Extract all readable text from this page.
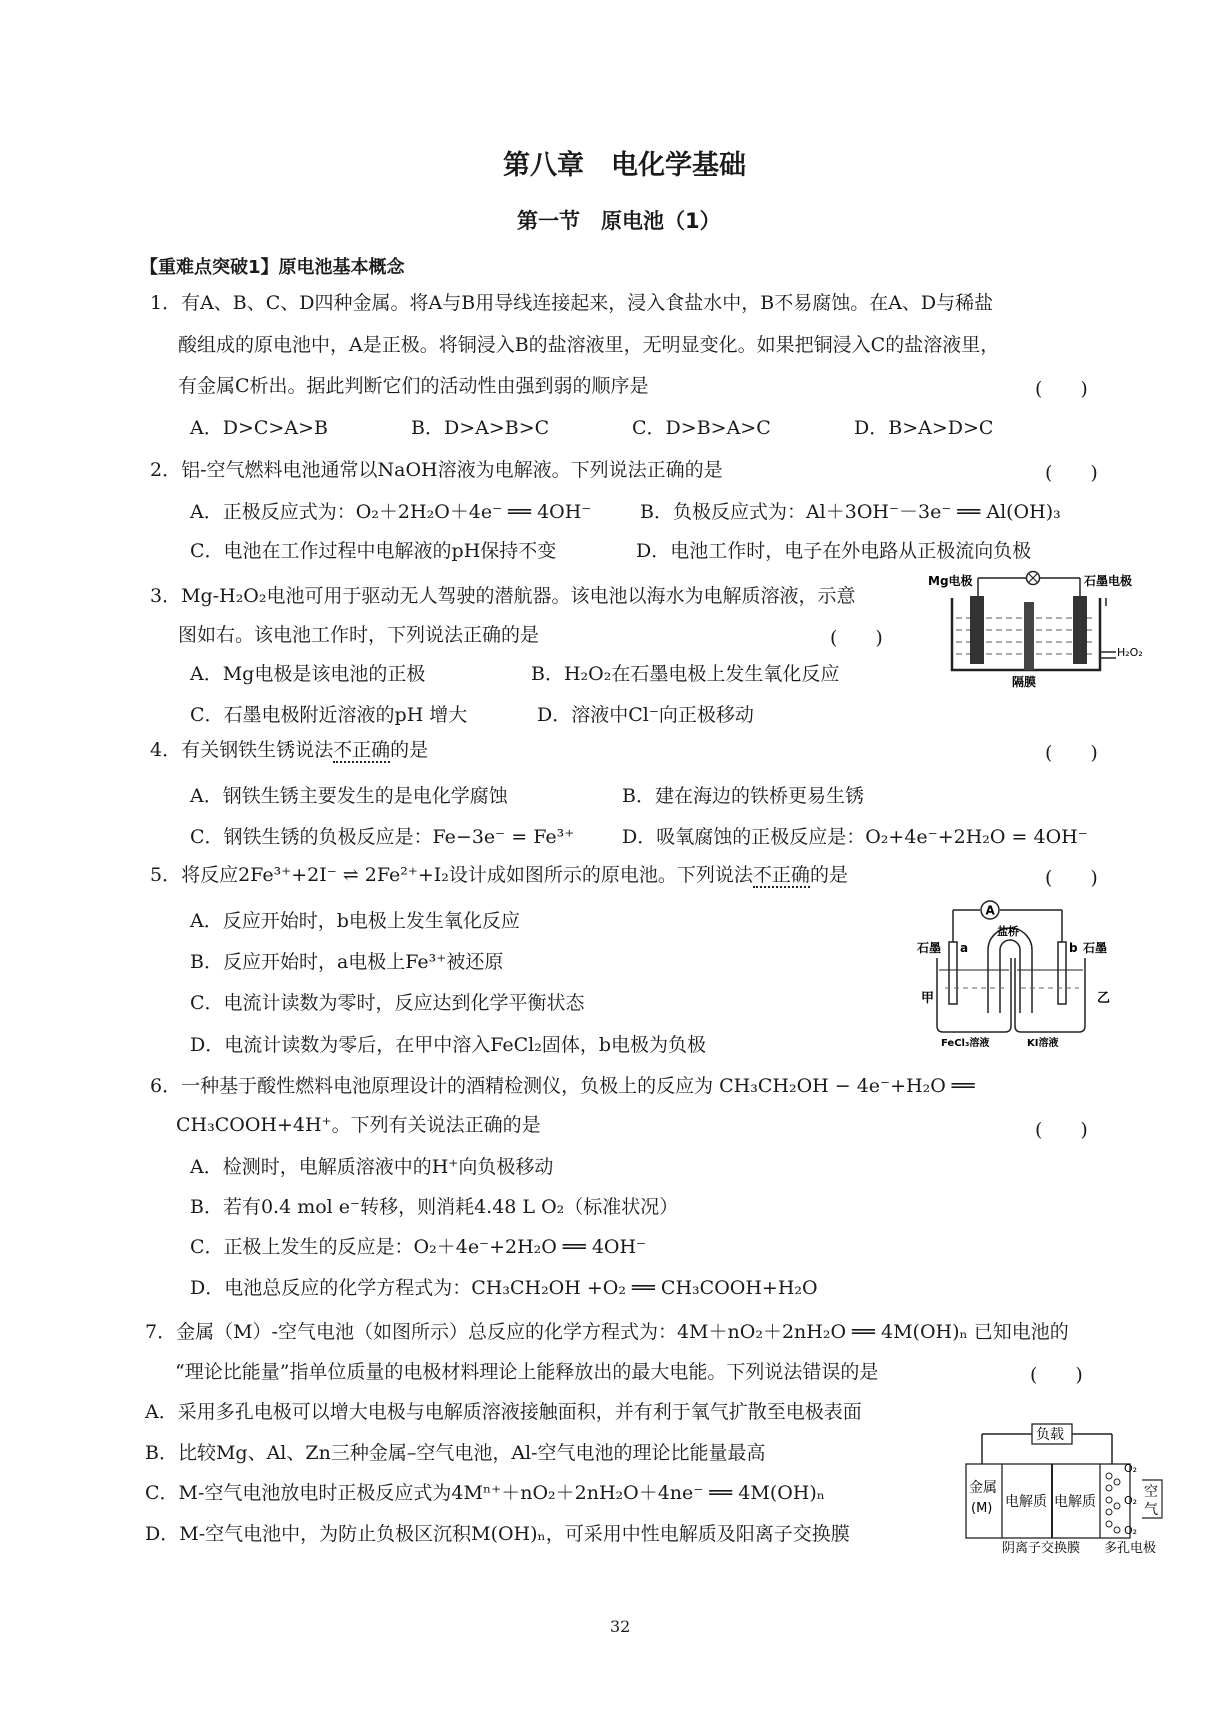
第八章　电化学基础
第一节　原电池（1）
【重难点突破1】原电池基本概念
1．有A、B、C、D四种金属。将A与B用导线连接起来，浸入食盐水中，B不易腐蚀。在A、D与稀盐
酸组成的原电池中，A是正极。将铜浸入B的盐溶液里，无明显变化。如果把铜浸入C的盐溶液里，
有金属C析出。据此判断它们的活动性由强到弱的顺序是	(　　)
A．D>C>A>B	B．D>A>B>C	C．D>B>A>C	D．B>A>D>C
2．铝-空气燃料电池通常以NaOH溶液为电解液。下列说法正确的是	(　　)
A．正极反应式为：O₂＋2H₂O＋4e⁻ ══ 4OH⁻	B．负极反应式为：Al＋3OH⁻－3e⁻ ══ Al(OH)₃
C．电池在工作过程中电解液的pH保持不变	D．电池工作时，电子在外电路从正极流向负极
3．Mg-H₂O₂电池可用于驱动无人驾驶的潜航器。该电池以海水为电解质溶液，示意
图如右。该电池工作时，下列说法正确的是	(　　)
A．Mg电极是该电池的正极	B．H₂O₂在石墨电极上发生氧化反应
C．石墨电极附近溶液的pH 增大	D．溶液中Cl⁻向正极移动
Mg电极	石墨电极
H₂O₂
隔膜
4．有关钢铁生锈说法不正确的是	(　　)
A．钢铁生锈主要发生的是电化学腐蚀	B．建在海边的铁桥更易生锈
C．钢铁生锈的负极反应是：Fe−3e⁻ = Fe³⁺	D．吸氧腐蚀的正极反应是：O₂+4e⁻+2H₂O = 4OH⁻
5．将反应2Fe³⁺+2I⁻ ⇌ 2Fe²⁺+I₂设计成如图所示的原电池。下列说法不正确的是	(　　)
A．反应开始时，b电极上发生氧化反应
B．反应开始时，a电极上Fe³⁺被还原
C．电流计读数为零时，反应达到化学平衡状态
D．电流计读数为零后，在甲中溶入FeCl₂固体，b电极为负极
A
石墨 a	b 石墨
盐桥
甲	乙
FeCl₃溶液	KI溶液
6．一种基于酸性燃料电池原理设计的酒精检测仪，负极上的反应为 CH₃CH₂OH − 4e⁻+H₂O ══
CH₃COOH+4H⁺。下列有关说法正确的是	(　　)
A．检测时，电解质溶液中的H⁺向负极移动
B．若有0.4 mol e⁻转移，则消耗4.48 L O₂（标准状况）
C．正极上发生的反应是：O₂＋4e⁻+2H₂O ══ 4OH⁻
D．电池总反应的化学方程式为：CH₃CH₂OH +O₂ ══ CH₃COOH+H₂O
7．金属（M）-空气电池（如图所示）总反应的化学方程式为：4M＋nO₂＋2nH₂O ══ 4M(OH)ₙ 已知电池的
“理论比能量”指单位质量的电极材料理论上能释放出的最大电能。下列说法错误的是	(　　)
A．采用多孔电极可以增大电极与电解质溶液接触面积，并有利于氧气扩散至电极表面
B．比较Mg、Al、Zn三种金属–空气电池，Al-空气电池的理论比能量最高
C．M-空气电池放电时正极反应式为4Mⁿ⁺＋nO₂＋2nH₂O＋4ne⁻ ══ 4M(OH)ₙ
D．M-空气电池中，为防止负极区沉积M(OH)ₙ，可采用中性电解质及阳离子交换膜
负载
金属
(M) 电解质 电解质
O₂
O₂
O₂
空
气
阴离子交换膜 多孔电极
32
